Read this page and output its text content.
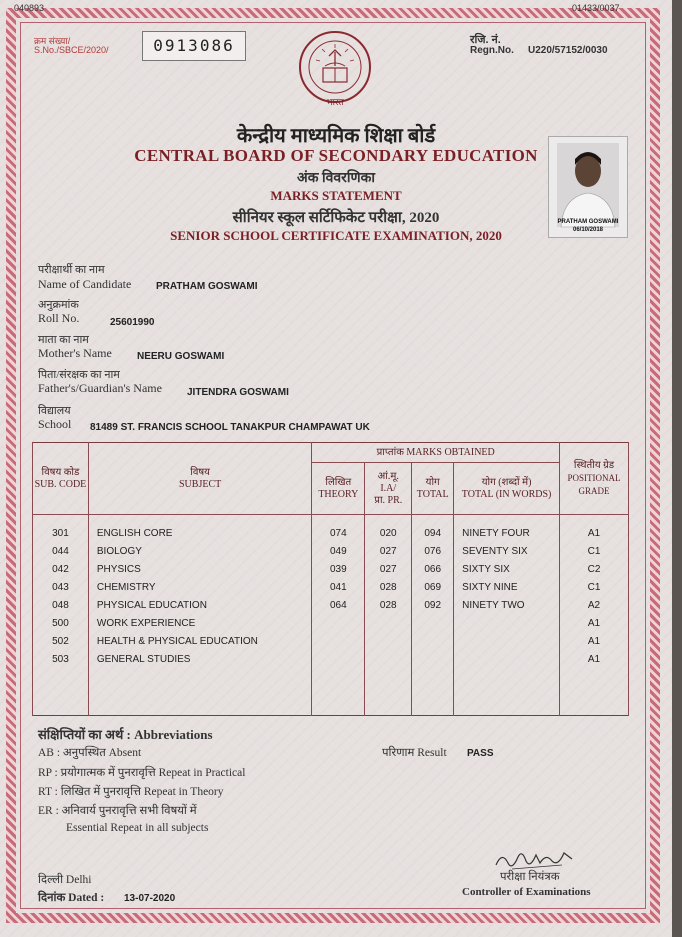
040893	01433/0037
क्रम संख्या/
S.No./SBCE/2020/	0913086	रजि. नं.
Regn.No. U220/57152/0030
भारत
केन्द्रीय माध्यमिक शिक्षा बोर्ड
CENTRAL BOARD OF SECONDARY EDUCATION
अंक विवरणिका
MARKS STATEMENT
सीनियर स्कूल सर्टिफिकेट परीक्षा, 2020
SENIOR SCHOOL CERTIFICATE EXAMINATION, 2020
PRATHAM GOSWAMI
06/10/2018
परीक्षार्थी का नाम
Name of Candidate PRATHAM GOSWAMI
अनुक्रमांक
Roll No.	25601990
माता का नाम
Mother's Name	NEERU GOSWAMI
पिता/संरक्षक का नाम
Father's/Guardian's Name	JITENDRA GOSWAMI
विद्यालय
School 81489 ST. FRANCIS SCHOOL TANAKPUR CHAMPAWAT UK
विषय कोड
SUB. CODE	विषय
SUBJECT	प्राप्तांक MARKS OBTAINED				स्थितीय ग्रेड
POSITIONAL GRADE
		लिखित
THEORY	आं.मू.
I.A/
प्रा. PR.	योग
TOTAL	योग (शब्दों में)
TOTAL (IN WORDS)	

301	ENGLISH CORE	074	020	094	NINETY FOUR	A1
044	BIOLOGY	049	027	076	SEVENTY SIX	C1
042	PHYSICS	039	027	066	SIXTY SIX	C2
043	CHEMISTRY	041	028	069	SIXTY NINE	C1
048	PHYSICAL EDUCATION	064	028	092	NINETY TWO	A2
500	WORK EXPERIENCE					A1
502	HEALTH & PHYSICAL EDUCATION					A1
503	GENERAL STUDIES					A1

संक्षिप्तियों का अर्थ : Abbreviations
AB : अनुपस्थित Absent
RP : प्रयोगात्मक में पुनरावृत्ति Repeat in Practical
RT : लिखित में पुनरावृत्ति Repeat in Theory
ER : अनिवार्य पुनरावृत्ति सभी विषयों में
Essential Repeat in all subjects
परिणाम Result PASS
दिल्ली Delhi
दिनांक Dated : 13-07-2020
परीक्षा नियंत्रक
Controller of Examinations
